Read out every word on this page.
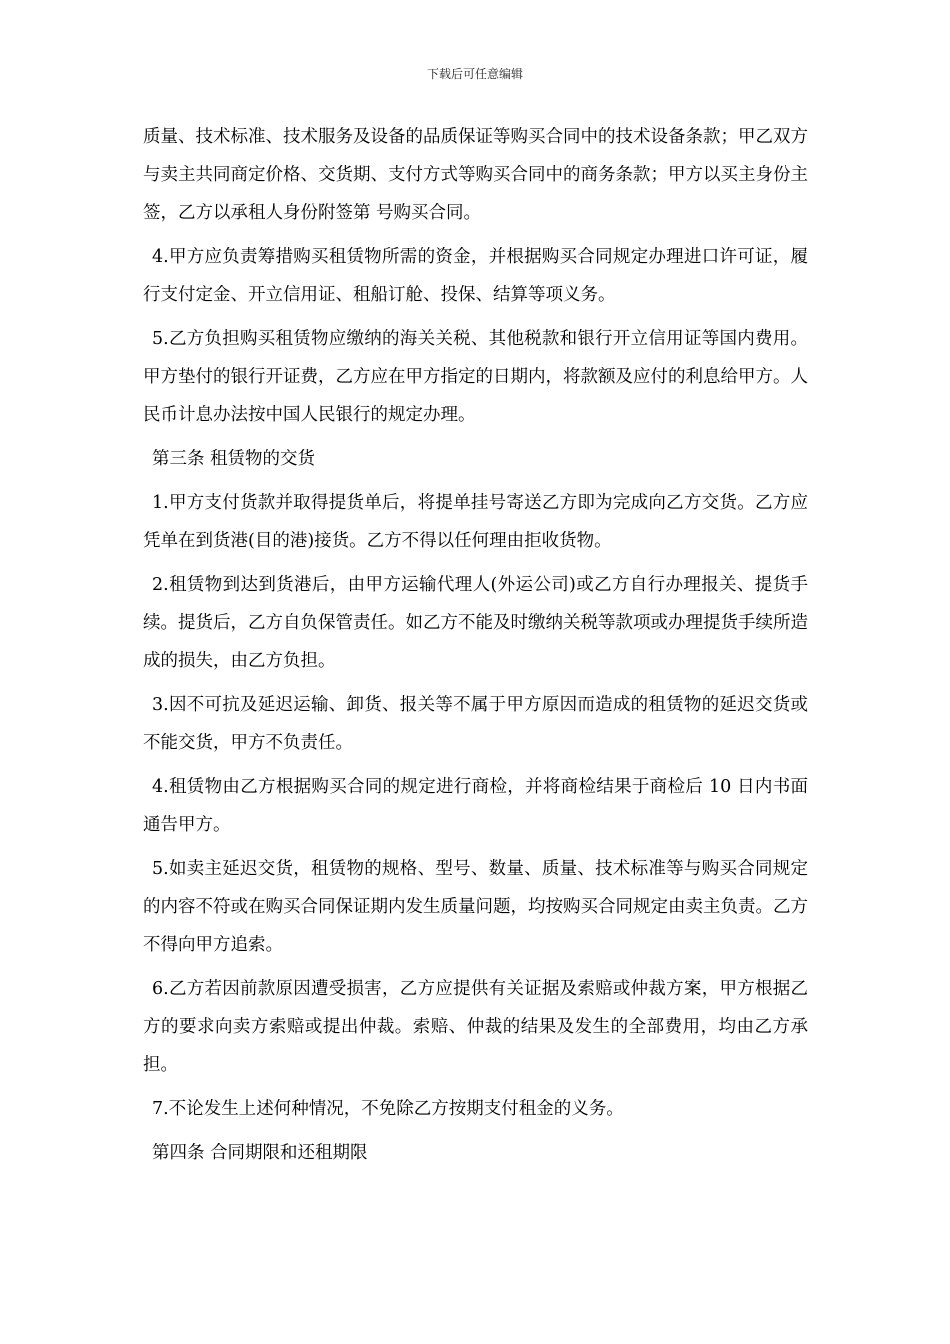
下载后可任意编辑

质量、技术标准、技术服务及设备的品质保证等购买合同中的技术设备条款；甲乙双方与卖主共同商定价格、交货期、支付方式等购买合同中的商务条款；甲方以买主身份主签，乙方以承租人身份附签第 号购买合同。

4.甲方应负责筹措购买租赁物所需的资金，并根据购买合同规定办理进口许可证，履行支付定金、开立信用证、租船订舱、投保、结算等项义务。

5.乙方负担购买租赁物应缴纳的海关关税、其他税款和银行开立信用证等国内费用。甲方垫付的银行开证费，乙方应在甲方指定的日期内，将款额及应付的利息给甲方。人民币计息办法按中国人民银行的规定办理。

第三条 租赁物的交货

1.甲方支付货款并取得提货单后，将提单挂号寄送乙方即为完成向乙方交货。乙方应凭单在到货港(目的港)接货。乙方不得以任何理由拒收货物。

2.租赁物到达到货港后，由甲方运输代理人(外运公司)或乙方自行办理报关、提货手续。提货后，乙方自负保管责任。如乙方不能及时缴纳关税等款项或办理提货手续所造成的损失，由乙方负担。

3.因不可抗及延迟运输、卸货、报关等不属于甲方原因而造成的租赁物的延迟交货或不能交货，甲方不负责任。

4.租赁物由乙方根据购买合同的规定进行商检，并将商检结果于商检后 10 日内书面通告甲方。

5.如卖主延迟交货，租赁物的规格、型号、数量、质量、技术标准等与购买合同规定的内容不符或在购买合同保证期内发生质量问题，均按购买合同规定由卖主负责。乙方不得向甲方追索。

6.乙方若因前款原因遭受损害，乙方应提供有关证据及索赔或仲裁方案，甲方根据乙方的要求向卖方索赔或提出仲裁。索赔、仲裁的结果及发生的全部费用，均由乙方承担。

7.不论发生上述何种情况，不免除乙方按期支付租金的义务。

第四条 合同期限和还租期限
